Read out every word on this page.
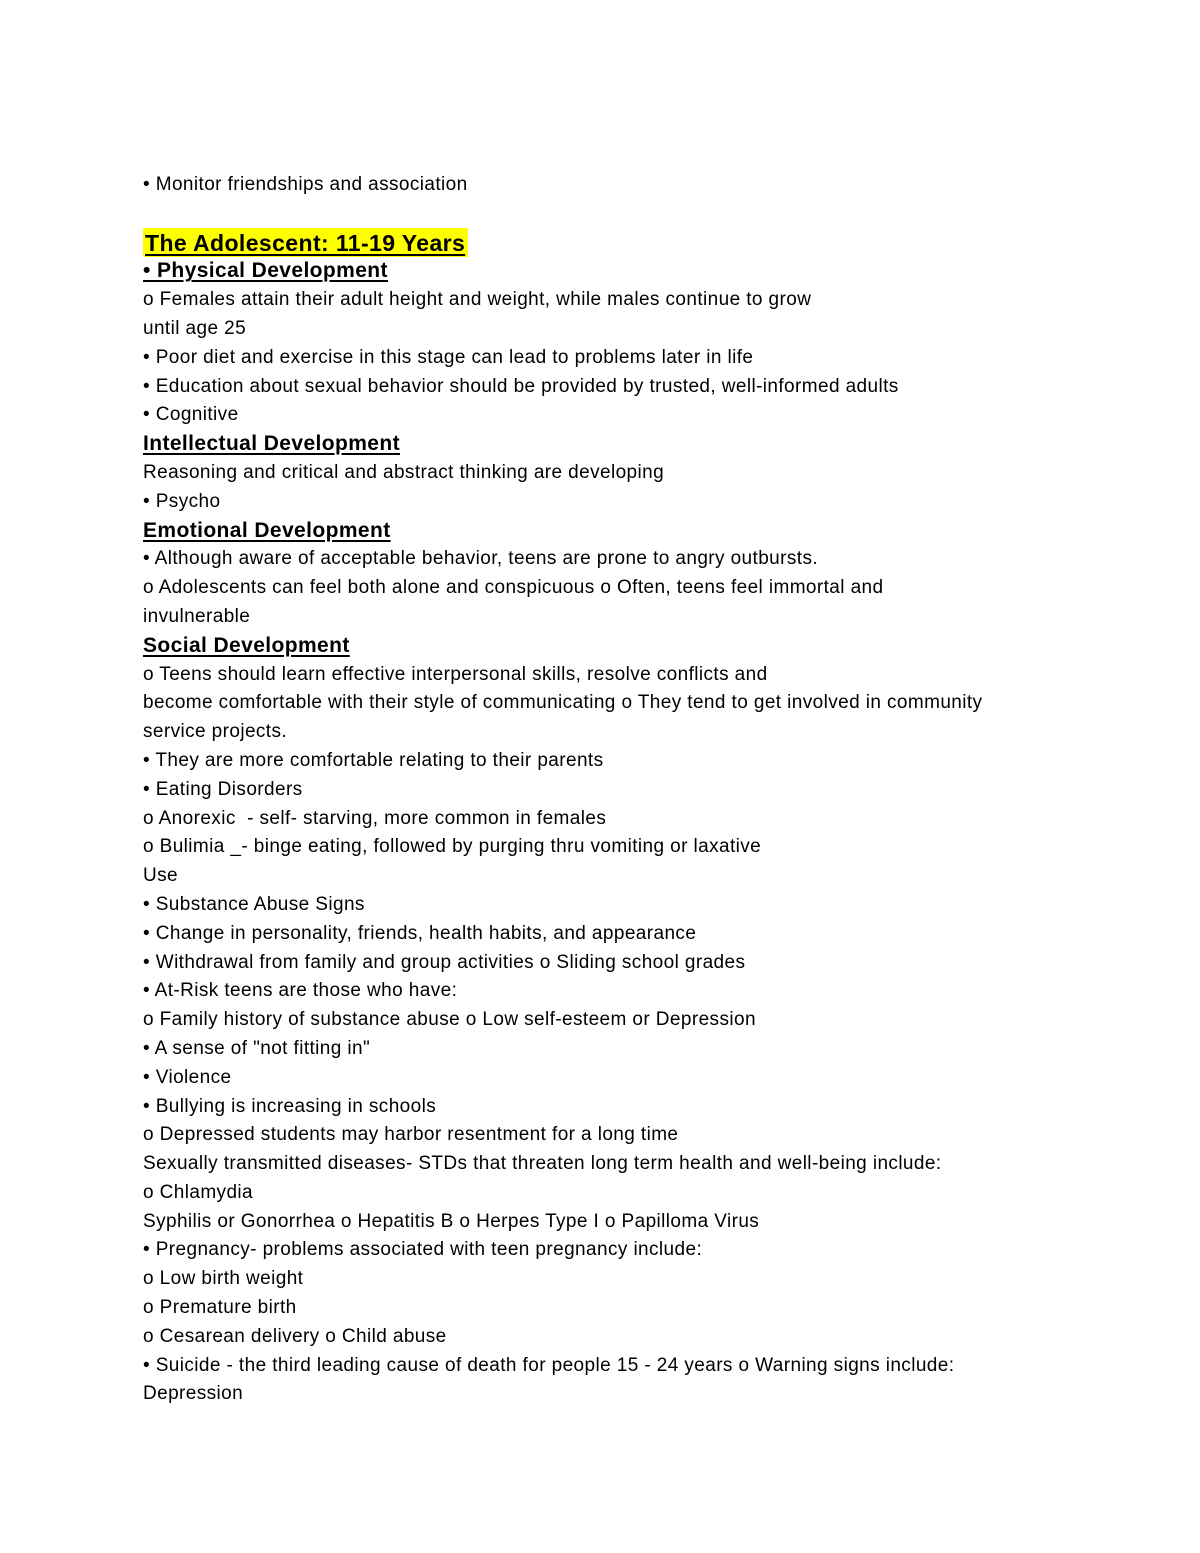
• Monitor friendships and association
The Adolescent: 11-19 Years
• Physical Development
o Females attain their adult height and weight, while males continue to grow
until age 25
• Poor diet and exercise in this stage can lead to problems later in life
• Education about sexual behavior should be provided by trusted, well-informed adults
• Cognitive
Intellectual Development
Reasoning and critical and abstract thinking are developing
• Psycho
Emotional Development
• Although aware of acceptable behavior, teens are prone to angry outbursts.
o Adolescents can feel both alone and conspicuous o Often, teens feel immortal and
invulnerable
Social Development
o Teens should learn effective interpersonal skills, resolve conflicts and
become comfortable with their style of communicating o They tend to get involved in community
service projects.
• They are more comfortable relating to their parents
• Eating Disorders
o Anorexic  - self- starving, more common in females
o Bulimia _- binge eating, followed by purging thru vomiting or laxative
Use
• Substance Abuse Signs
• Change in personality, friends, health habits, and appearance
• Withdrawal from family and group activities o Sliding school grades
• At-Risk teens are those who have:
o Family history of substance abuse o Low self-esteem or Depression
• A sense of "not fitting in"
• Violence
• Bullying is increasing in schools
o Depressed students may harbor resentment for a long time
Sexually transmitted diseases- STDs that threaten long term health and well-being include:
o Chlamydia
Syphilis or Gonorrhea o Hepatitis B o Herpes Type I o Papilloma Virus
• Pregnancy- problems associated with teen pregnancy include:
o Low birth weight
o Premature birth
o Cesarean delivery o Child abuse
• Suicide - the third leading cause of death for people 15 - 24 years o Warning signs include:
Depression
